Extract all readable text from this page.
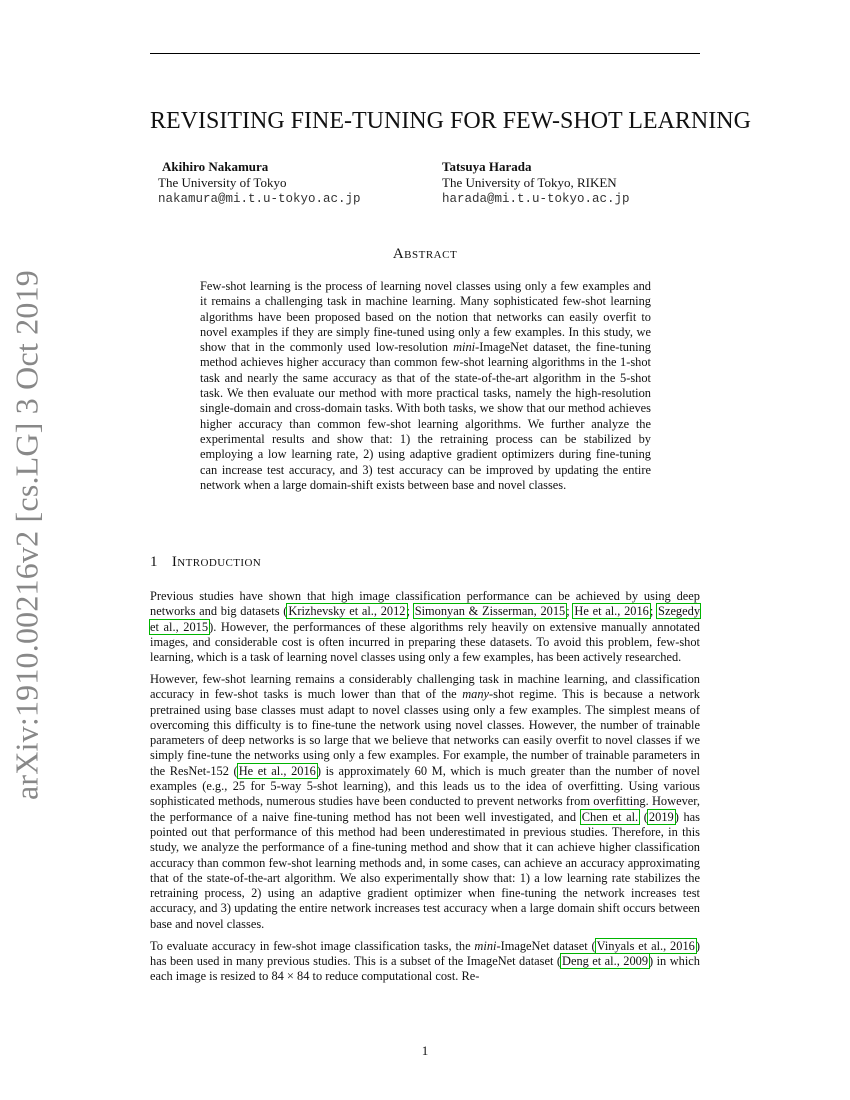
arXiv:1910.00216v2 [cs.LG] 3 Oct 2019
REVISITING FINE-TUNING FOR FEW-SHOT LEARNING
Akihiro Nakamura
The University of Tokyo
nakamura@mi.t.u-tokyo.ac.jp
Tatsuya Harada
The University of Tokyo, RIKEN
harada@mi.t.u-tokyo.ac.jp
Abstract
Few-shot learning is the process of learning novel classes using only a few examples and it remains a challenging task in machine learning. Many sophisticated few-shot learning algorithms have been proposed based on the notion that networks can easily overfit to novel examples if they are simply fine-tuned using only a few examples. In this study, we show that in the commonly used low-resolution mini-ImageNet dataset, the fine-tuning method achieves higher accuracy than common few-shot learning algorithms in the 1-shot task and nearly the same accuracy as that of the state-of-the-art algorithm in the 5-shot task. We then evaluate our method with more practical tasks, namely the high-resolution single-domain and cross-domain tasks. With both tasks, we show that our method achieves higher accuracy than common few-shot learning algorithms. We further analyze the experimental results and show that: 1) the retraining process can be stabilized by employing a low learning rate, 2) using adaptive gradient optimizers during fine-tuning can increase test accuracy, and 3) test accuracy can be improved by updating the entire network when a large domain-shift exists between base and novel classes.
1 Introduction

Previous studies have shown that high image classification performance can be achieved by using deep networks and big datasets (Krizhevsky et al., 2012; Simonyan & Zisserman, 2015; He et al., 2016; Szegedy et al., 2015). However, the performances of these algorithms rely heavily on extensive manually annotated images, and considerable cost is often incurred in preparing these datasets. To avoid this problem, few-shot learning, which is a task of learning novel classes using only a few examples, has been actively researched.

However, few-shot learning remains a considerably challenging task in machine learning, and classification accuracy in few-shot tasks is much lower than that of the many-shot regime. This is because a network pretrained using base classes must adapt to novel classes using only a few examples. The simplest means of overcoming this difficulty is to fine-tune the network using novel classes. However, the number of trainable parameters of deep networks is so large that we believe that networks can easily overfit to novel classes if we simply fine-tune the networks using only a few examples. For example, the number of trainable parameters in the ResNet-152 (He et al., 2016) is approximately 60 M, which is much greater than the number of novel examples (e.g., 25 for 5-way 5-shot learning), and this leads us to the idea of overfitting. Using various sophisticated methods, numerous studies have been conducted to prevent networks from overfitting. However, the performance of a naive fine-tuning method has not been well investigated, and Chen et al. (2019) has pointed out that performance of this method had been underestimated in previous studies. Therefore, in this study, we analyze the performance of a fine-tuning method and show that it can achieve higher classification accuracy than common few-shot learning methods and, in some cases, can achieve an accuracy approximating that of the state-of-the-art algorithm. We also experimentally show that: 1) a low learning rate stabilizes the retraining process, 2) using an adaptive gradient optimizer when fine-tuning the network increases test accuracy, and 3) updating the entire network increases test accuracy when a large domain shift occurs between base and novel classes.

To evaluate accuracy in few-shot image classification tasks, the mini-ImageNet dataset (Vinyals et al., 2016) has been used in many previous studies. This is a subset of the ImageNet dataset (Deng et al., 2009) in which each image is resized to 84 × 84 to reduce computational cost. Re-

1
